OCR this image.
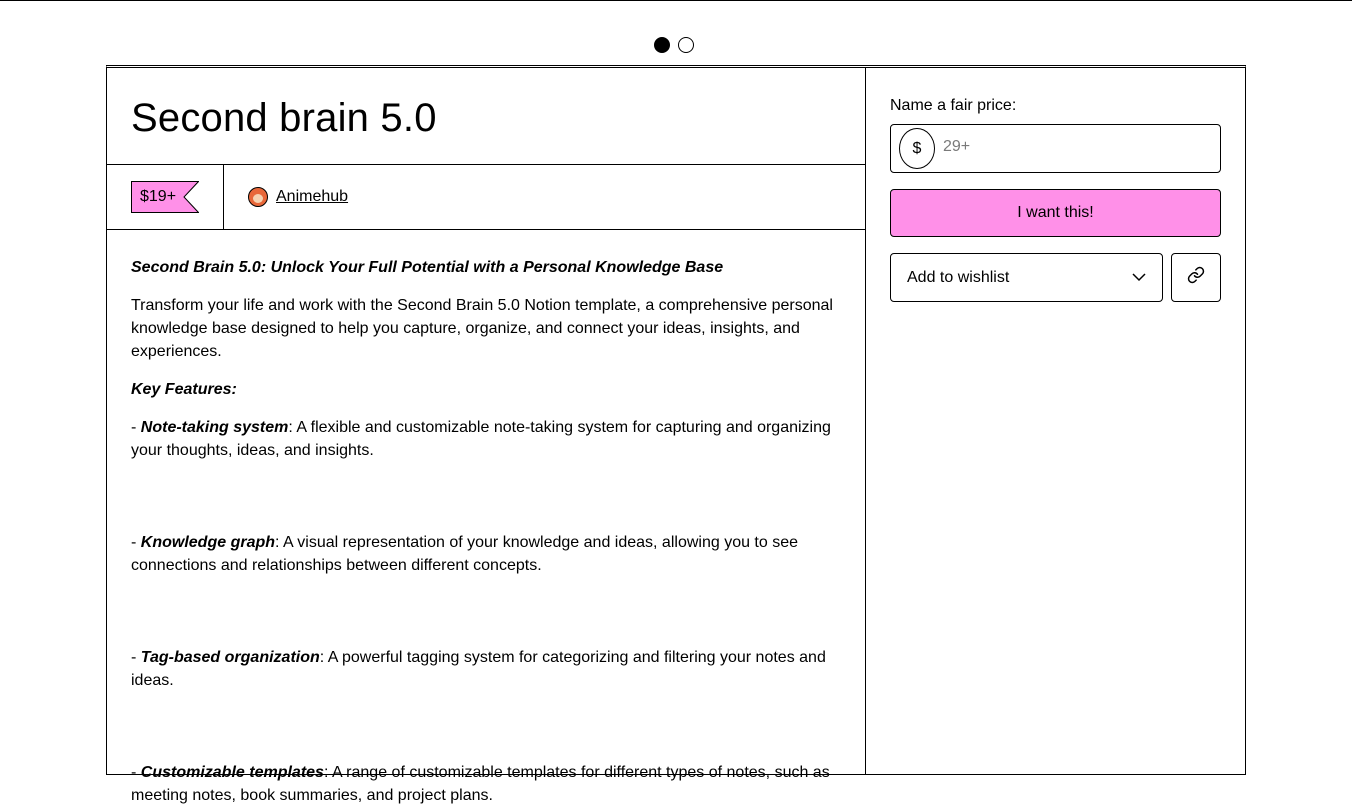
Second brain 5.0
$19+	Animehub

Second Brain 5.0: Unlock Your Full Potential with a Personal Knowledge Base

Transform your life and work with the Second Brain 5.0 Notion template, a comprehensive personal knowledge base designed to help you capture, organize, and connect your ideas, insights, and experiences.

Key Features:

- Note-taking system: A flexible and customizable note-taking system for capturing and organizing your thoughts, ideas, and insights.

- Knowledge graph: A visual representation of your knowledge and ideas, allowing you to see connections and relationships between different concepts.

- Tag-based organization: A powerful tagging system for categorizing and filtering your notes and ideas.

- Customizable templates: A range of customizable templates for different types of notes, such as meeting notes, book summaries, and project plans.

Name a fair price:
$
29+
I want this!
Add to wishlist
